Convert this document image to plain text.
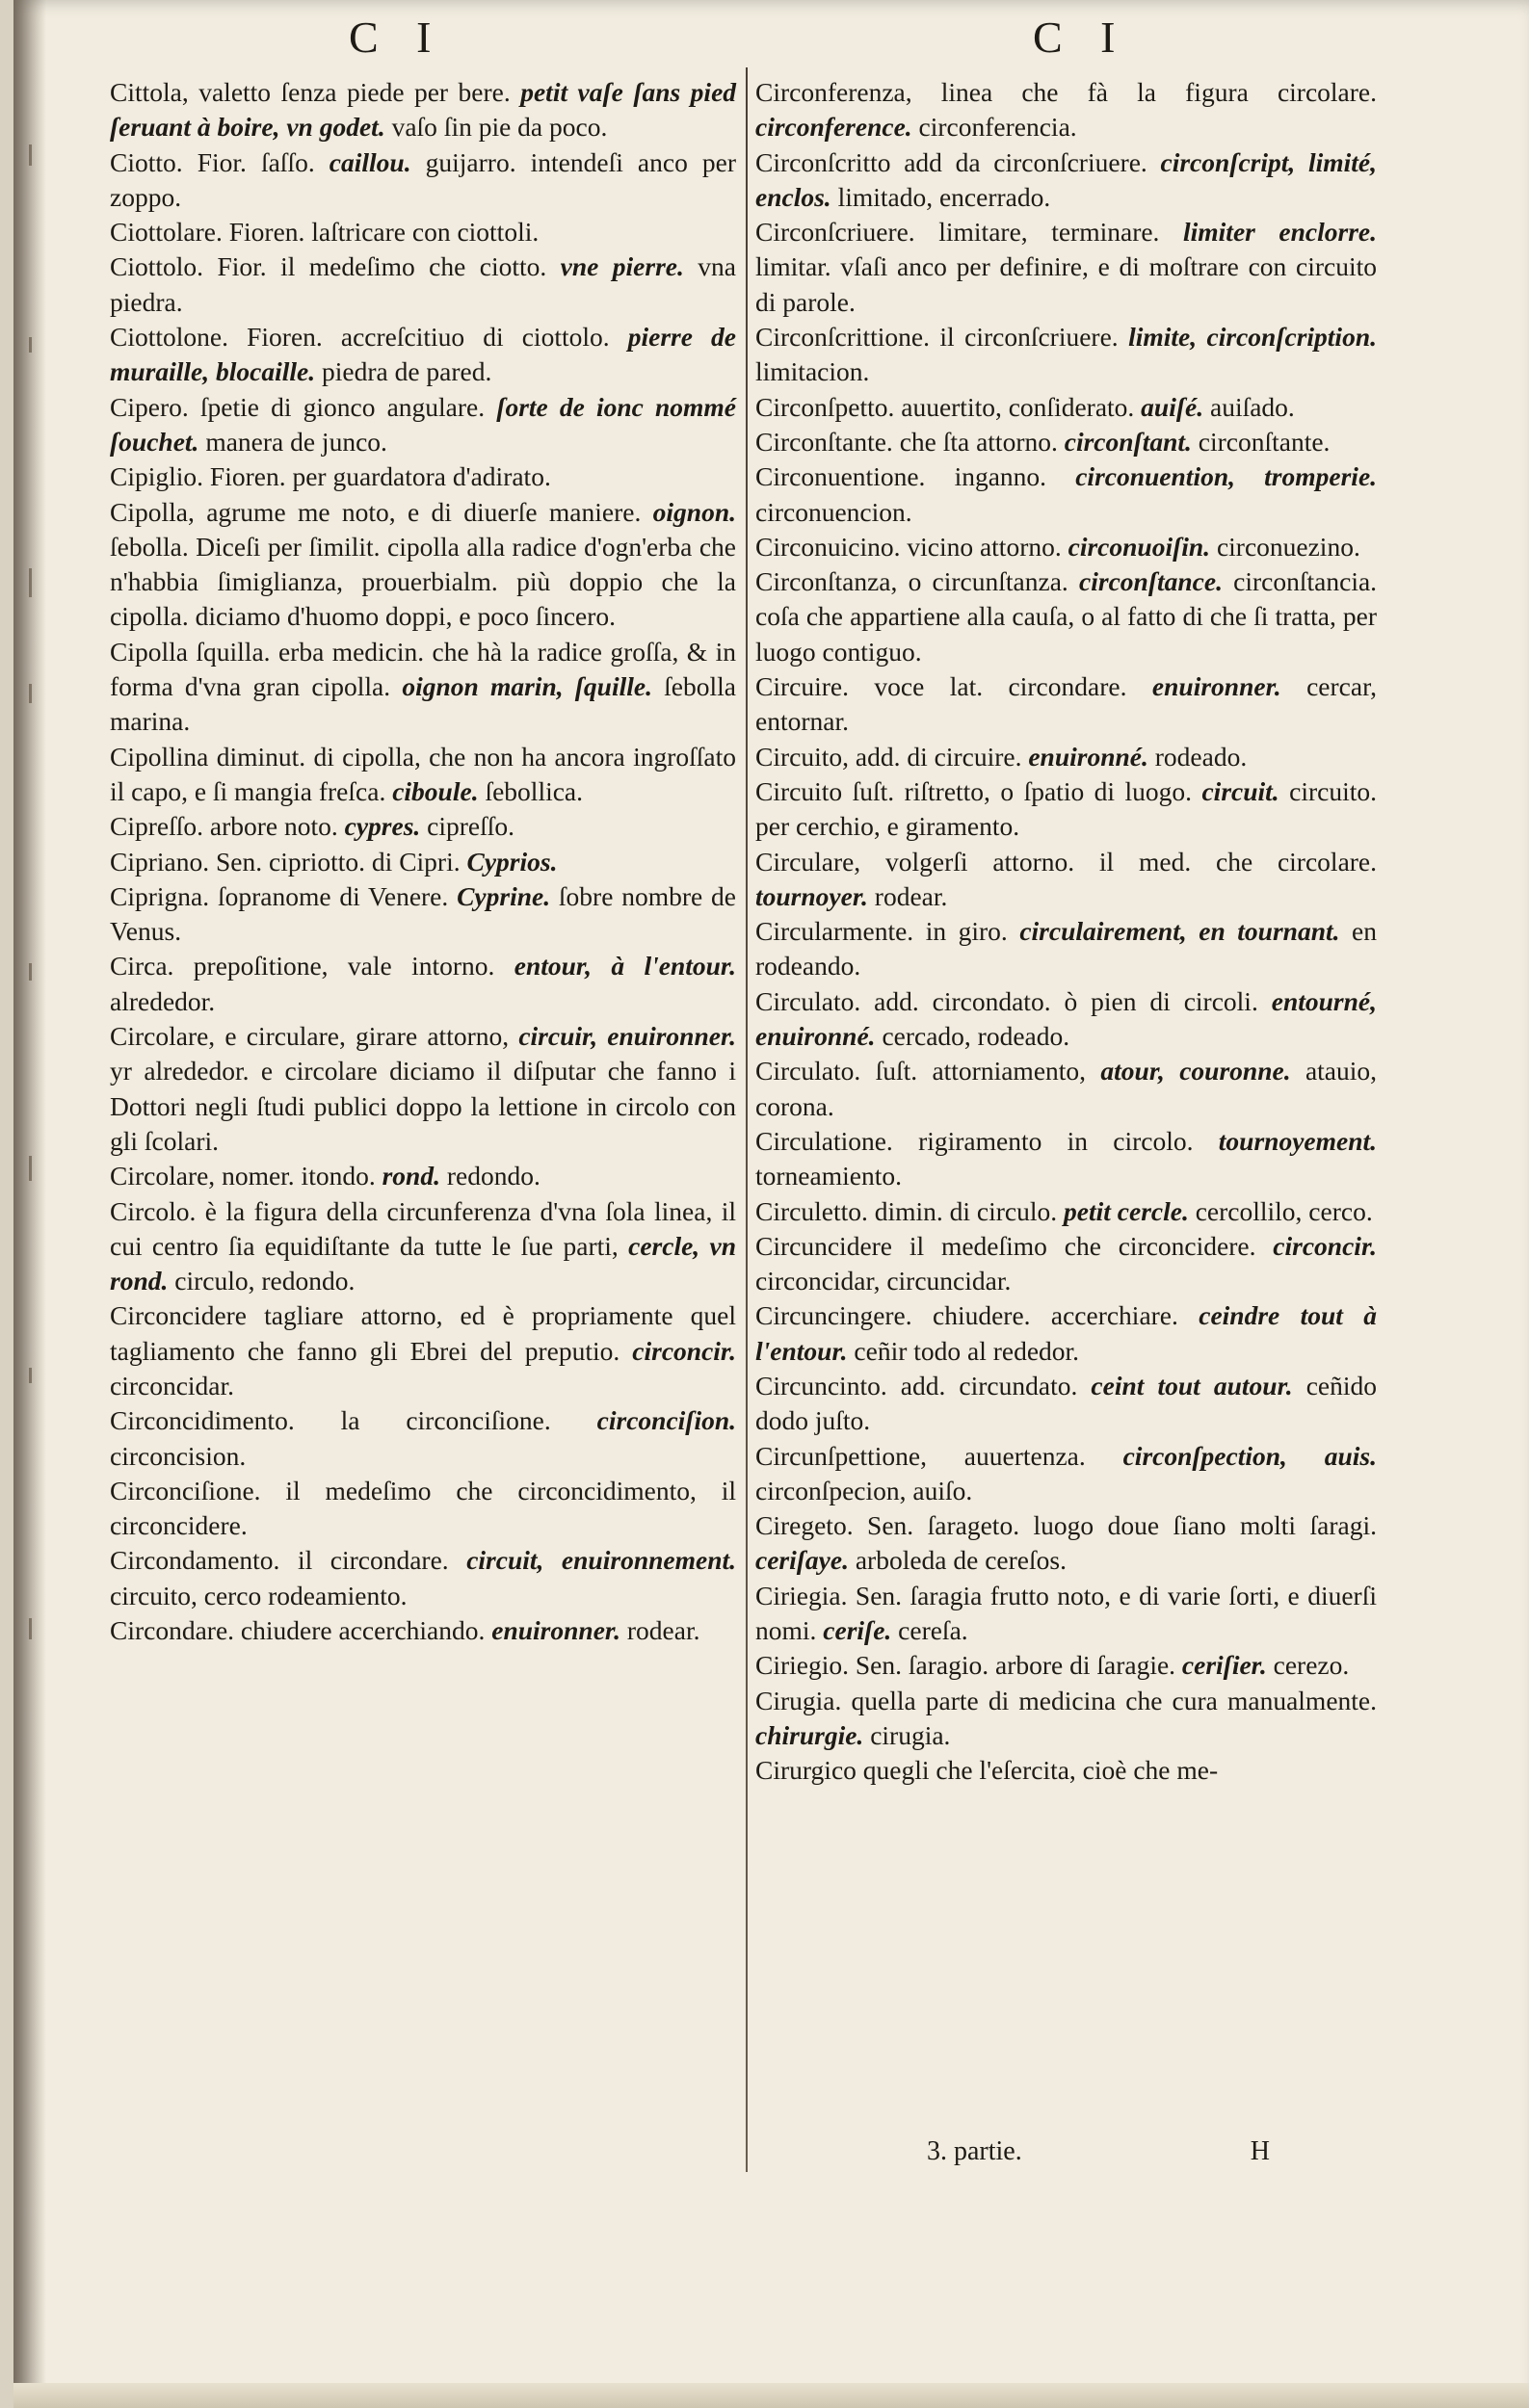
C I	C I

Cittola, valetto ſenza piede per bere. petit vaſe ſans pied ſeruant à boire, vn godet. vaſo ſin pie da poco.

Ciotto. Fior. ſaſſo. caillou. guijarro. intendeſi anco per zoppo.

Ciottolare. Fioren. laſtricare con ciottoli.

Ciottolo. Fior. il medeſimo che ciotto. vne pierre. vna piedra.

Ciottolone. Fioren. accreſcitiuo di ciottolo. pierre de muraille, blocaille. piedra de pared.

Cipero. ſpetie di gionco angulare. ſorte de ionc nommé ſouchet. manera de junco.

Cipiglio. Fioren. per guardatora d'adirato.

Cipolla, agrume me noto, e di diuerſe maniere. oignon. ſebolla. Diceſi per ſimilit. cipolla alla radice d'ogn'erba che n'habbia ſimiglianza, prouerbialm. più doppio che la cipolla. diciamo d'huomo doppi, e poco ſincero.

Cipolla ſquilla. erba medicin. che hà la radice groſſa, & in forma d'vna gran cipolla. oignon marin, ſquille. ſebolla marina.

Cipollina diminut. di cipolla, che non ha ancora ingroſſato il capo, e ſi mangia freſca. ciboule. ſebollica.

Cipreſſo. arbore noto. cypres. cipreſſo.

Cipriano. Sen. cipriotto. di Cipri. Cyprios.

Ciprigna. ſopranome di Venere. Cyprine. ſobre nombre de Venus.

Circa. prepoſitione, vale intorno. entour, à l'entour. alrededor.

Circolare, e circulare, girare attorno, circuir, enuironner. yr alrededor. e circolare diciamo il diſputar che fanno i Dottori negli ſtudi publici doppo la lettione in circolo con gli ſcolari.

Circolare, nomer. itondo. rond. redondo.

Circolo. è la figura della circunferenza d'vna ſola linea, il cui centro ſia equidiſtante da tutte le ſue parti, cercle, vn rond. circulo, redondo.

Circoncidere tagliare attorno, ed è propriamente quel tagliamento che fanno gli Ebrei del preputio. circoncir. circoncidar.

Circoncidimento. la circonciſione. circonciſion. circoncision.

Circonciſione. il medeſimo che circoncidimento, il circoncidere.

Circondamento. il circondare. circuit, enuironnement. circuito, cerco rodeamiento.

Circondare. chiudere accerchiando. enuironner. rodear.

Circonferenza, linea che fà la figura circolare. circonference. circonferencia.

Circonſcritto add da circonſcriuere. circonſcript, limité, enclos. limitado, encerrado.

Circonſcriuere. limitare, terminare. limiter enclorre. limitar. vſaſi anco per definire, e di moſtrare con circuito di parole.

Circonſcrittione. il circonſcriuere. limite, circonſcription. limitacion.

Circonſpetto. auuertito, conſiderato. auiſé. auiſado.

Circonſtante. che ſta attorno. circonſtant. circonſtante.

Circonuentione. inganno. circonuention, tromperie. circonuencion.

Circonuicino. vicino attorno. circonuoiſin. circonuezino.

Circonſtanza, o circunſtanza. circonſtance. circonſtancia. coſa che appartiene alla cauſa, o al fatto di che ſi tratta, per luogo contiguo.

Circuire. voce lat. circondare. enuironner. cercar, entornar.

Circuito, add. di circuire. enuironné. rodeado.

Circuito ſuſt. riſtretto, o ſpatio di luogo. circuit. circuito. per cerchio, e giramento.

Circulare, volgerſi attorno. il med. che circolare. tournoyer. rodear.

Circularmente. in giro. circulairement, en tournant. en rodeando.

Circulato. add. circondato. ò pien di circoli. entourné, enuironné. cercado, rodeado.

Circulato. ſuſt. attorniamento, atour, couronne. atauio, corona.

Circulatione. rigiramento in circolo. tournoyement. torneamiento.

Circuletto. dimin. di circulo. petit cercle. cercollilo, cerco.

Circuncidere il medeſimo che circoncidere. circoncir. circoncidar, circuncidar.

Circuncingere. chiudere. accerchiare. ceindre tout à l'entour. ceñir todo al rededor.

Circuncinto. add. circundato. ceint tout autour. ceñido dodo juſto.

Circunſpettione, auuertenza. circonſpection, auis. circonſpecion, auiſo.

Ciregeto. Sen. ſarageto. luogo doue ſiano molti ſaragi. ceriſaye. arboleda de cereſos.

Ciriegia. Sen. ſaragia frutto noto, e di varie ſorti, e diuerſi nomi. ceriſe. cereſa.

Ciriegio. Sen. ſaragio. arbore di ſaragie. ceriſier. cerezo.

Cirugia. quella parte di medicina che cura manualmente. chirurgie. cirugia.

Cirurgico quegli che l'eſercita, cioè che me-

3. partie.	H
